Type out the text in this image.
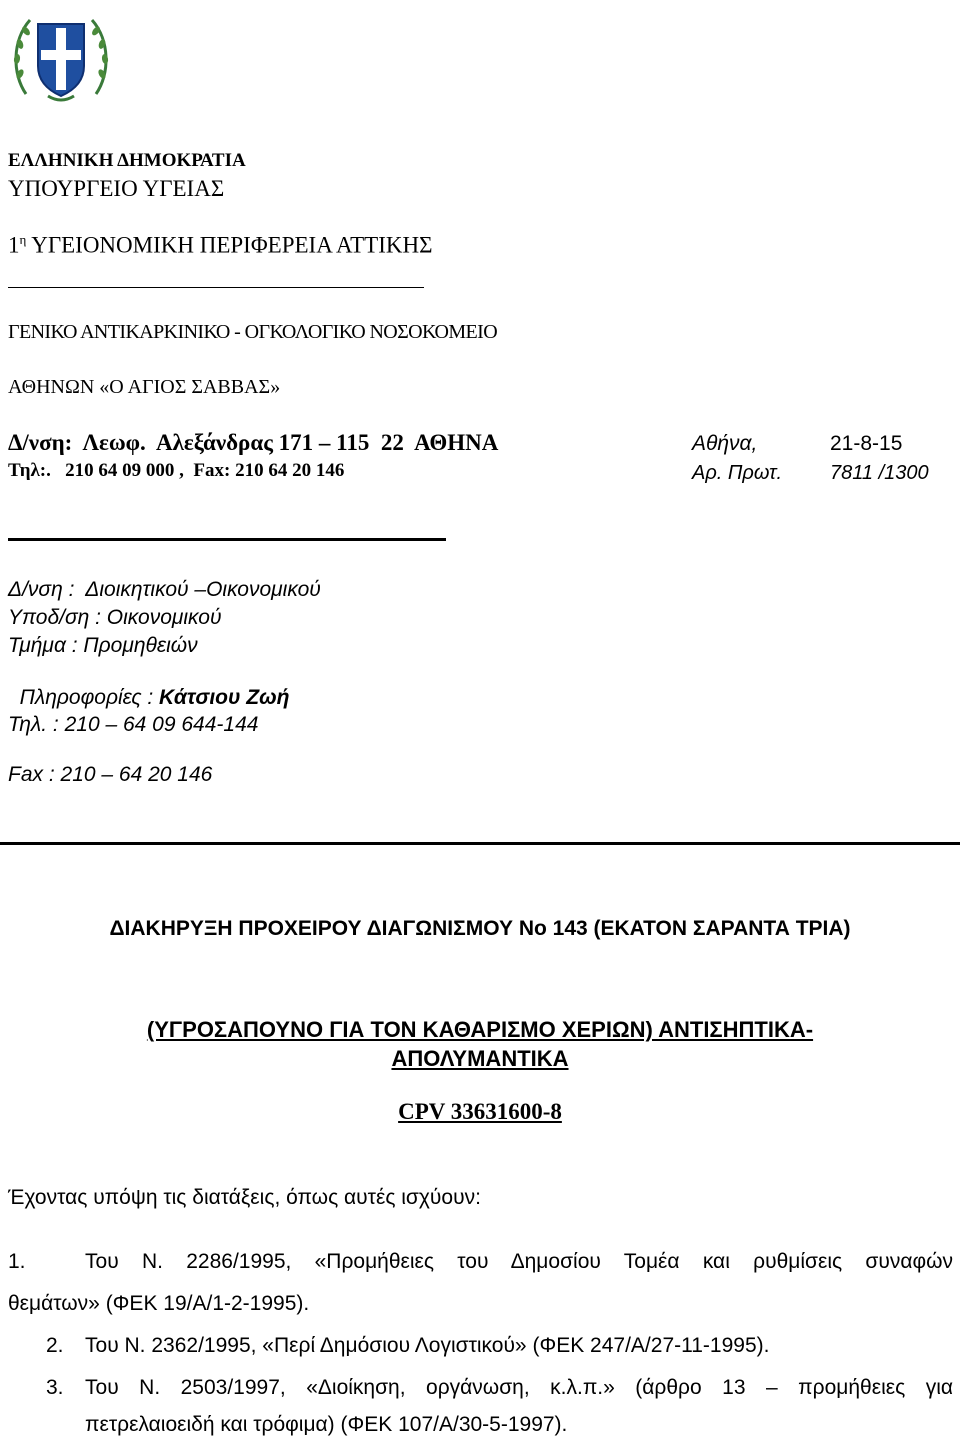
ΕΛΛΗΝΙΚΗ ΔΗΜΟΚΡΑΤΙΑ
ΥΠΟΥΡΓΕΙΟ ΥΓΕΙΑΣ
$1^\eta$ ΥΓΕΙΟΝΟΜΙΚΗ ΠΕΡΙΦΕΡΕΙΑ ΑΤΤΙΚΗΣ
ΓΕΝΙΚΟ ΑΝΤΙΚΑΡΚΙΝΙΚΟ - ΟΓΚΟΛΟΓΙΚΟ ΝΟΣΟΚΟΜΕΙΟ
ΑΘΗΝΩΝ «Ο ΑΓΙΟΣ ΣΑΒΒΑΣ»
Δ/νση:  Λεωφ.  Αλεξάνδρας 171 – 115  22  ΑΘΗΝΑ
Τηλ:.   210 64 09 000 ,  Fax: 210 64 20 146
Αθήνα,	21-8-15
Αρ. Πρωτ. 7811 /1300
Δ/νση :  Διοικητικού –Οικονομικού
Υποδ/ση : Οικονομικού
Τμήμα : Προμηθειών

Πληροφορίες : Κάτσιου Ζωή

Τηλ. : 210 – 64 09 644-144
Fax : 210 – 64 20 146
ΔΙΑΚΗΡΥΞΗ ΠΡΟΧΕΙΡΟΥ ΔΙΑΓΩΝΙΣΜΟΥ Νο 143 (ΕΚΑΤΟΝ ΣΑΡΑΝΤΑ ΤΡΙΑ)
(ΥΓΡΟΣΑΠΟΥΝΟ ΓΙΑ ΤΟΝ ΚΑΘΑΡΙΣΜΟ ΧΕΡΙΩΝ) ΑΝΤΙΣΗΠΤΙΚΑ-
ΑΠΟΛΥΜΑΝΤΙΚΑ
CPV 33631600-8
Έχοντας υπόψη τις διατάξεις, όπως αυτές ισχύουν:
1.	Του Ν. 2286/1995, «Προμήθειες του Δημοσίου Τομέα και ρυθμίσεις συναφών
θεμάτων» (ΦΕΚ 19/Α/1-2-1995).
2. Του Ν. 2362/1995, «Περί Δημόσιου Λογιστικού» (ΦΕΚ 247/Α/27-11-1995).
3. Του Ν. 2503/1997, «Διοίκηση, οργάνωση, κ.λ.π.» (άρθρο 13 – προμήθειες για
πετρελαιοειδή και τρόφιμα) (ΦΕΚ 107/Α/30-5-1997).
